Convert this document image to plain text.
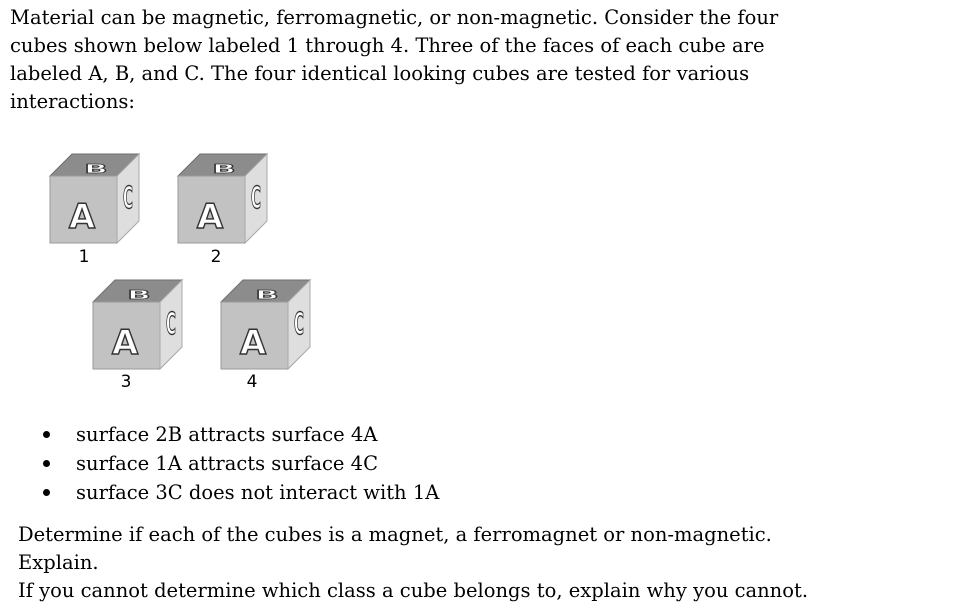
Material can be magnetic, ferromagnetic, or non-magnetic. Consider the four
cubes shown below labeled 1 through 4. Three of the faces of each cube are
labeled A, B, and C. The four identical looking cubes are tested for various
interactions:

B
A C
1
B
A C
2
B
A C
3
B
A C
4
surface 2B attracts surface 4A
surface 1A attracts surface 4C
surface 3C does not interact with 1A

Determine if each of the cubes is a magnet, a ferromagnet or non-magnetic.
Explain.
If you cannot determine which class a cube belongs to, explain why you cannot.
